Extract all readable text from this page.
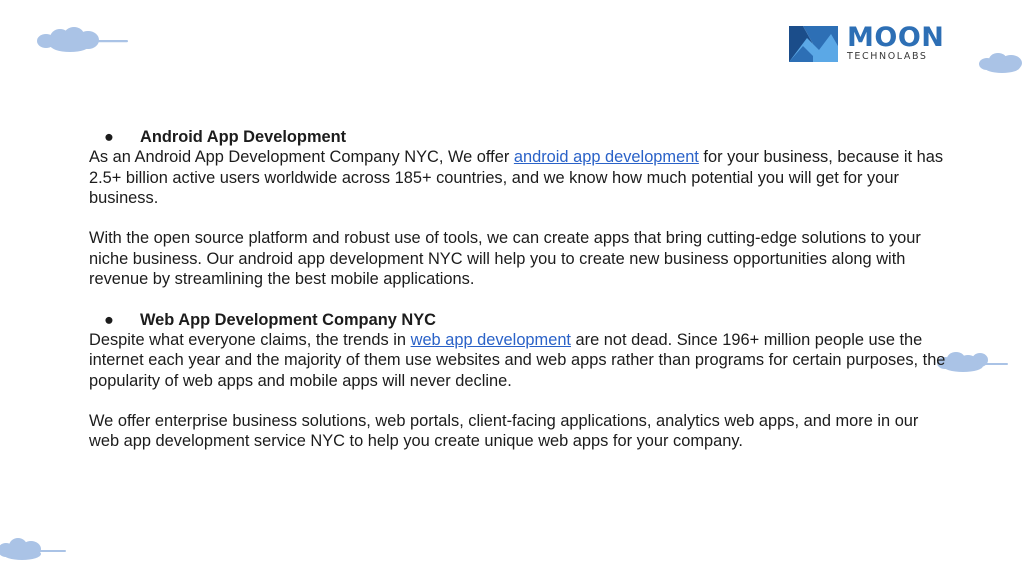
MOON
TECHNOLABS
●	Android App Development

As an Android App Development Company NYC, We offer android app development for your business, because it has 2.5+ billion active users worldwide across 185+ countries, and we know how much potential you will get for your business.

With the open source platform and robust use of tools, we can create apps that bring cutting-edge solutions to your niche business. Our android app development NYC will help you to create new business opportunities along with revenue by streamlining the best mobile applications.

●	Web App Development Company NYC

Despite what everyone claims, the trends in web app development are not dead. Since 196+ million people use the internet each year and the majority of them use websites and web apps rather than programs for certain purposes, the popularity of web apps and mobile apps will never decline.

We offer enterprise business solutions, web portals, client-facing applications, analytics web apps, and more in our web app development service NYC to help you create unique web apps for your company.
